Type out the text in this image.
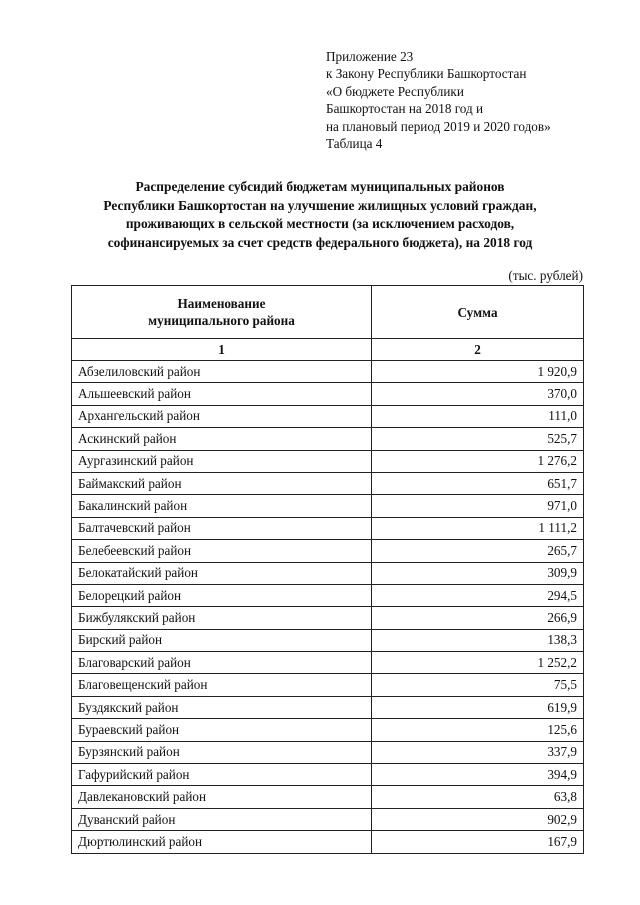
Приложение 23
к Закону Республики Башкортостан
«О бюджете Республики
Башкортостан на 2018 год и
на плановый период 2019 и 2020 годов»
Таблица 4
Распределение субсидий бюджетам муниципальных районов
Республики Башкортостан на улучшение жилищных условий граждан,
проживающих в сельской местности (за исключением расходов,
софинансируемых за счет средств федерального бюджета), на 2018 год
(тыс. рублей)
Наименование
муниципального района	Сумма
1	2
Абзелиловский район	1 920,9
Альшеевский район	370,0
Архангельский район	111,0
Аскинский район	525,7
Аургазинский район	1 276,2
Баймакский район	651,7
Бакалинский район	971,0
Балтачевский район	1 111,2
Белебеевский район	265,7
Белокатайский район	309,9
Белорецкий район	294,5
Бижбулякский район	266,9
Бирский район	138,3
Благоварский район	1 252,2
Благовещенский район	75,5
Буздякский район	619,9
Бураевский район	125,6
Бурзянский район	337,9
Гафурийский район	394,9
Давлекановский район	63,8
Дуванский район	902,9
Дюртюлинский район	167,9
